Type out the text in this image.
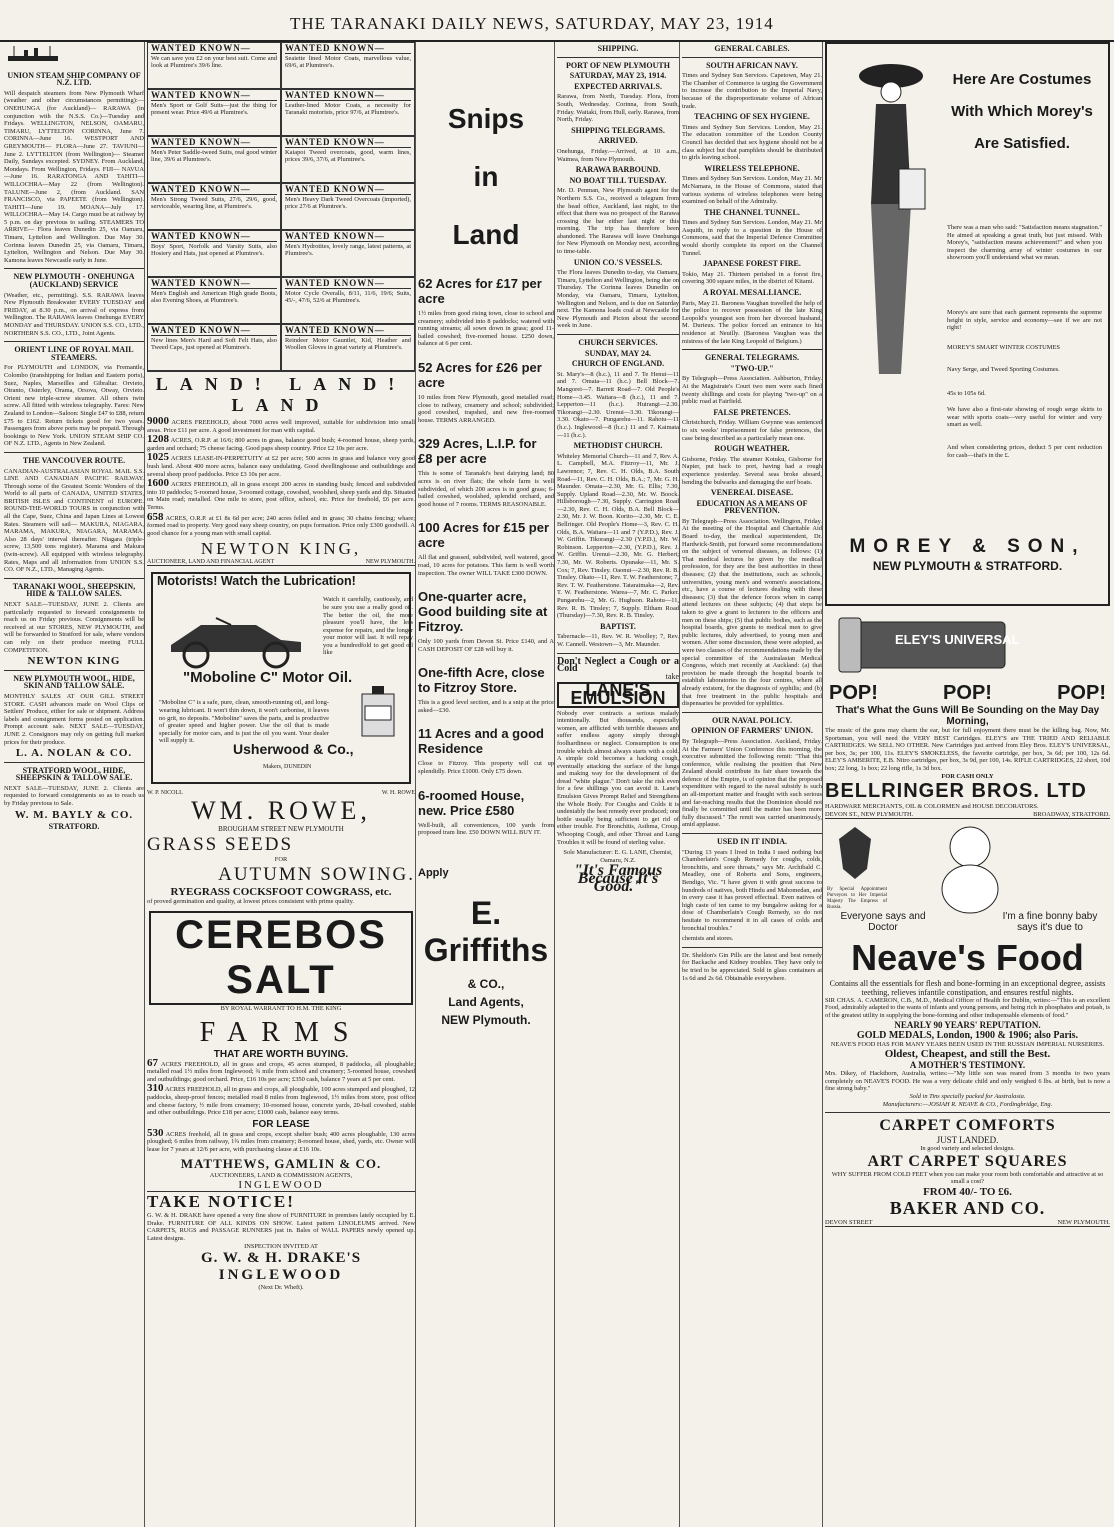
THE TARANAKI DAILY NEWS, SATURDAY, MAY 23, 1914
UNION STEAM SHIP COMPANY OF N.Z. LTD.

Will despatch steamers from New Plymouth Wharf (weather and other circumstances permitting):— ONEHUNGA (for Auckland)— RARAWA (in conjunction with the N.S.S. Co.)—Tuesday and Fridays. WELLINGTON, NELSON, OAMARU, TIMARU, LYTTELTON CORINNA, June 7. CORINNA—June 16. WESTPORT AND GREYMOUTH— FLORA—June 27. TAVIUNI—June 2. LYTTELTON (from Wellington)— Steamer Daily, Sundays excepted. SYDNEY. From Auckland, Mondays. From Wellington, Fridays. FIJI— NAVUA—June 16. RARATONGA AND TAHITI— WILLOCHRA—May 22 (from Wellington). TALUNE—June 2, (from Auckland. SAN FRANCISCO, via PAPEETE (from Wellington). TAHITI—June 19. MOANA—July 17. WILLOCHRA—May 14. Cargo must be at railway by 5 p.m. on day previous to sailing. STEAMERS TO ARRIVE— Flora leaves Dunedin 25, via Oamaru, Timaru, Lyttelton and Wellington. Due May 30. Corinna leaves Dunedin 25, via Oamaru, Timaru, Lyttelton, Wellington and Nelson. Due May 30. Kamona leaves Newcastle early in June.

NEW PLYMOUTH - ONEHUNGA (AUCKLAND) SERVICE

(Weather, etc., permitting). S.S. RARAWA leaves New Plymouth Breakwater EVERY TUESDAY and FRIDAY, at 8.30 p.m., on arrival of express from Wellington. The RARAWA leaves Onehunga EVERY MONDAY and THURSDAY. UNION S.S. CO., LTD., NORTHERN S.S. CO., LTD., Joint Agents.

ORIENT LINE OF ROYAL MAIL STEAMERS.

For PLYMOUTH and LONDON, via Fremantle, Colombo (transhipping for Indian and Eastern ports), Suez, Naples, Marseilles and Gibraltar. Orvieto, Otranto, Osterley, Orama, Orsova, Otway, Orvieto. Orient new triple-screw steamer. All others twin screw. All fitted with wireless telegraphy. Fares: New Zealand to London—Saloon: Single £47 to £88, return £75 to £162. Return tickets good for two years. Passengers from above ports may be prepaid. Through bookings to New York. UNION STEAM SHIP CO. OF N.Z. LTD., Agents in New Zealand.

THE VANCOUVER ROUTE.

CANADIAN-AUSTRALASIAN ROYAL MAIL S.S. LINE AND CANADIAN PACIFIC RAILWAY. Through some of the Greatest Scenic Wonders of the World to all parts of CANADA, UNITED STATES, BRITISH ISLES and CONTINENT of EUROPE. ROUND-THE-WORLD TOURS in conjunction with all the Cape, Suez, China and Japan Lines at Lowest Rates. Steamers will sail— MAKURA, NIAGARA, MARAMA, MAKURA, NIAGARA, MARAMA. Also 28 days' interval thereafter. Niagara (triple-screw, 13,500 tons register). Marama and Makura (twin-screw). All equipped with wireless telegraphy. Rates, Maps and all information from UNION S.S. CO. OF N.Z., LTD., Managing Agents.

TARANAKI WOOL, SHEEPSKIN, HIDE & TALLOW SALES.

NEXT SALE—TUESDAY, JUNE 2. Clients are particularly requested to forward consignments to reach us on Friday previous. Consignments will be received at our STORES, NEW PLYMOUTH, and will be forwarded to Stratford for sale, where vendors can rely on their produce meeting FULL COMPETITION.

NEWTON KING
NEW PLYMOUTH WOOL, HIDE, SKIN AND TALLOW SALE.

MONTHLY SALES AT OUR GILL STREET STORE. CASH advances made on Wool Clips or Settlers' Produce, either for sale or shipment. Address labels and consignment forms posted on application. Prompt account sale. NEXT SALE—TUESDAY, JUNE 2. Consignors may rely on getting full market prices for their produce.

L. A. NOLAN & CO.
STRATFORD WOOL, HIDE, SHEEPSKIN & TALLOW SALE.

NEXT SALE—TUESDAY, JUNE 2. Clients are requested to forward consignments so as to reach us by Friday previous to Sale.

W. M. BAYLY & CO.
STRATFORD.
WANTED KNOWN—
We can save you £2 on your best suit. Come and look at Plumtree's 39/6 line.
WANTED KNOWN—
Seaiette lined Motor Coats, marvellous value, 69/6, at Plumtree's.
WANTED KNOWN—
Men's Sport or Golf Suits—just the thing for present wear. Price 49/6 at Plumtree's.
WANTED KNOWN—
Leather-lined Motor Coats, a necessity for Taranaki motorists, price 97/6, at Plumtree's.
WANTED KNOWN—
Men's Peter Saddle-tweed Suits, real good winter line, 39/6 at Plumtree's.
WANTED KNOWN—
Kaiapoi Tweed overcoats, good, warm lines, prices 39/6, 37/6, at Plumtree's.
WANTED KNOWN—
Men's Strong Tweed Suits, 27/6, 29/6, good, serviceable, wearing line, at Plumtree's.
WANTED KNOWN—
Men's Heavy Dark Tweed Overcoats (imported), price 27/6 at Plumtree's.
WANTED KNOWN—
Boys' Sport, Norfolk and Varsity Suits, also Hosiery and Hats, just opened at Plumtree's.
WANTED KNOWN—
Men's Hydrotites, lovely range, latest patterns, at Plumtree's.
WANTED KNOWN—
Men's English and American High grade Boots, also Evening Shoes, at Plumtree's.
WANTED KNOWN—
Motor Cycle Overalls, 8/11, 11/6, 19/6; Suits, 45/-, 47/6, 52/6 at Plumtree's.
WANTED KNOWN—
New lines Men's Hard and Soft Felt Hats, also Tweed Caps, just opened at Plumtree's.
WANTED KNOWN—
Reindeer Motor Gauntlet, Kid, Heather and Woollen Gloves in great variety at Plumtree's.
LAND! LAND! LAND
9000 ACRES FREEHOLD, about 7000 acres well improved, suitable for subdivision into small areas. Price £11 per acre. A good investment for man with capital.
1208 ACRES, O.R.P. at 16/6; 800 acres in grass, balance good bush; 4-roomed house, sheep yards, garden and orchard; 75 cheese facing. Good paps sheep country. Price £2 10s per acre.
1025 ACRES LEASE-IN-PERPETUITY at £2 per acre; 500 acres in grass and balance very good bush land. About 400 more acres, balance easy undulating. Good dwellinghouse and outbuildings and several sheep proof paddocks. Price £3 10s per acre.
1600 ACRES FREEHOLD, all in grass except 200 acres in standing bush; fenced and subdivided into 10 paddocks; 5-roomed house, 3-roomed cottage, cowshed, woolshed, sheep yards and dip. Situated on Main road; metalled. One mile to store, post office, school, etc. Price for freehold, £6 per acre. Terms.
658 ACRES, O.R.P. at £1 8s 6d per acre; 240 acres felled and in grass; 30 chains fencing; whare; formed road to property. Very good easy sheep country, on pups formation. Price only £300 goodwill. A good chance for a young man with small capital.
NEWTON KING,
AUCTIONEER, LAND AND FINANCIAL AGENT	NEW PLYMOUTH.
Motorists! Watch the Lubrication!
Watch it carefully, cautiously, and be sure you use a really good oil. The better the oil, the more pleasure you'll have, the less expense for repairs, and the longer your motor will last. It will repay you a hundredfold to get good oil like
"Moboline C" Motor Oil.
"Moboline C" is a safe, pure, clean, smooth-running oil, and long-wearing lubricant. It won't thin down, it won't carbonise, it leaves no grit, no deposits. "Moboline" saves the parts, and is productive of greater speed and higher power. Use the oil that is made specially for motor cars, and is just the oil you want. Your dealer will supply it.
Usherwood & Co.,
Makers, DUNEDIN
W. P. NICOLL	W. H. ROWE
WM. ROWE,
BROUGHAM STREET NEW PLYMOUTH
GRASS SEEDS
FOR
AUTUMN SOWING.
RYEGRASS COCKSFOOT COWGRASS, etc.
of proved germination and quality, at lowest prices consistent with prime quality.
CEREBOS SALT
BY ROYAL WARRANT TO H.M. THE KING
FARMS
THAT ARE WORTH BUYING.
67 ACRES FREEHOLD, all in grass and crops, 45 acres stumped, 8 paddocks, all ploughable; metalled road 1½ miles from Inglewood; ¾ mile from school and creamery; 5-roomed house, cowshed and outbuildings; good orchard. Price, £16 10s per acre; £350 cash, balance 7 years at 5 per cent.
310 ACRES FREEHOLD, all in grass and crops, all ploughable, 100 acres stumped and ploughed, 12 paddocks, sheep-proof fences; metalled road 8 miles from Inglewood, 1½ miles from store, post office and cheese factory, ½ mile from creamery; 10-roomed house, concrete yards, 20-bail cowshed, stable and other outbuildings. Price £18 per acre; £1000 cash, balance easy terms.
FOR LEASE
530 ACRES freehold, all in grass and crops, except shelter bush; 400 acres ploughable, 130 acres ploughed; 6 miles from railway, 1¾ miles from creamery; 8-roomed house, shed, yards, etc. Owner will lease for 7 years at 12/6 per acre, with purchasing clause at £16 10s.
MATTHEWS, GAMLIN & CO.
AUCTIONEERS, LAND & COMMISSION AGENTS,
INGLEWOOD
TAKE NOTICE!
G. W. & H. DRAKE have opened a very fine show of FURNITURE in premises lately occupied by E. Drake. FURNITURE OF ALL KINDS ON SHOW. Latest pattern LINOLEUMS arrived. New CARPETS, RUGS and PASSAGE RUNNERS just in. Bales of WALL PAPERS newly opened up. Latest designs.
INSPECTION INVITED AT
G. W. & H. DRAKE'S
INGLEWOOD
(Next Dr. Wheft).
Snips
in
Land
62 Acres for £17 per acre
1½ miles from good rising town, close to school and creamery; subdivided into 8 paddocks; watered with running streams; all sown down in grass; good 11-bailed cowshed; five-roomed house. £250 down, balance at 6 per cent.
52 Acres for £26 per acre
10 miles from New Plymouth, good metalled road; close to railway, creamery and school; subdivided; good cowshed, trapshed, and new five-roomed house. TERMS ARRANGED.
329 Acres, L.I.P. for £8 per acre
This is some of Taranaki's best dairying land; 80 acres is on river flats; the whole farm is well subdivided, of which 200 acres is in good grass; 6-bailed cowshed, woolshed, splendid orchard, and good house of 7 rooms. TERMS REASONABLE.
100 Acres for £15 per acre
All flat and grassed, subdivided, well watered, good road, 10 acres for potatoes. This farm is well worth inspection. The owner WILL TAKE £300 DOWN.
One-quarter acre, Good building site at Fitzroy.
Only 100 yards from Devon St. Price £140, and A CASH DEPOSIT OF £28 will buy it.
One-fifth Acre, close to Fitzroy Store.
This is a good level section, and is a snip at the price asked—£30.
11 Acres and a good Residence
Close to Fitzroy. This property will cut up splendidly. Price £1000. Only £75 down.
6-roomed House, new. Price £580
Well-built, all conveniences, 100 yards from proposed tram line. £50 DOWN WILL BUY IT.
Apply
E. Griffiths
& CO.,
Land Agents,
NEW Plymouth.
SHIPPING.
PORT OF NEW PLYMOUTH
SATURDAY, MAY 23, 1914.
EXPECTED ARRIVALS.

Rarawa, from North, Tuesday. Flora, from South, Wednesday. Corinna, from South, Friday. Waitaki, from Hull, early. Rarawa, from North, Friday.

SHIPPING TELEGRAMS.
ARRIVED.

Onehunga, Friday.—Arrived, at 10 a.m., Waimea, from New Plymouth.

RARAWA BARBOUND.
NO BOAT TILL TUESDAY.

Mr. D. Penman, New Plymouth agent for the Northern S.S. Co., received a telegram from the head office, Auckland, last night, to the effect that there was no prospect of the Rarawa crossing the bar either last night or this morning. The trip has therefore been abandoned. The Rarawa will leave Onehunga for New Plymouth on Monday next, according to time-table.

UNION CO.'S VESSELS.

The Flora leaves Dunedin to-day, via Oamaru, Timaru, Lyttelton and Wellington, being due on Thursday. The Corinna leaves Dunedin on Monday, via Oamaru, Timaru, Lyttelton, Wellington and Nelson, and is due on Saturday next. The Kamona loads coal at Newcastle for New Plymouth and Picton about the second week in June.

CHURCH SERVICES.
SUNDAY, MAY 24.
CHURCH OF ENGLAND.

St. Mary's—8 (h.c.), 11 and 7. Te Henui—11 and 7. Omata—11 (h.c.) Bell Block—7. Mangorei—7. Barrett Road—7. Old People's Home—3.45. Waitara—8 (h.c.), 11 and 7. Lepperton—11 (h.c.). Huirangi—2.30. Tikorangi—2.30. Urenui—3.30. Tikorangi—3.30. Okato—7. Pungarehu—11. Rahotu—11 (h.c.). Inglewood—8 (h.c.) 11 and 7. Kaimata—11 (h.c.).

METHODIST CHURCH.

Whiteley Memorial Church—11 and 7, Rev. A. L. Campbell, M.A. Fitzroy—11, Mr. J. Lawrence; 7, Rev. C. H. Olds, B.A. South Road—11, Rev. C. H. Olds, B.A.; 7, Mr. G. H. Maunder. Omata—2.30, Mr. G. Ellis; 7.30, Supply. Upland Road—2.30, Mr. W. Boock. Hillsborough—7.30, Supply. Carrington Road—2.30, Rev. C. H. Olds, B.A. Bell Block—2.30, Mr. J. W. Boon. Korito—2.30, Mr. C. E. Bellringer. Old People's Home—3, Rev. C. H. Olds, B.A. Waitara—11 and 7 (Y.P.D.), Rev. J. W. Griffin. Tikorangi—2.30 (Y.P.D.), Mr. W. Robinson. Lepperton—2.30, (Y.P.D.), Rev. J. W. Griffin. Urenui—2.30, Mr. G. Herbert; 7.30, Mr. W. Roberts. Opunake—11, Mr. S. Cox; 7, Rev. Tinsley. Oaonui—2.30, Rev. R. B. Tinsley. Okato—11, Rev. T. W. Featherstone; 7, Rev. T. W. Featherstone. Tataraimaka—2, Rev. T. W. Featherstone. Warea—7, Mr. C. Parker. Pungarehu—2, Mr. G. Hughson. Rahotu—11, Rev. R. B. Tinsley; 7, Supply. Eltham Road (Thursday)—7.30, Rev. R. B. Tinsley.

BAPTIST.

Tabernacle—11, Rev. W. R. Woolley; 7, Rev. W. Cannell. Westown—3, Mr. Maunder.

Don't Neglect a Cough or a Cold
take
LANE'S EMULSION

Nobody ever contracts a serious malady intentionally. But thousands, especially women, are afflicted with terrible diseases and suffer endless agony simply through foolhardiness or neglect. Consumption is one trouble which almost always starts with a cold. A simple cold becomes a hacking cough, eventually attacking the surface of the lungs and making way for the development of the dread "white plague." Don't take the risk even for a few shillings you can avoid it. Lane's Emulsion Gives Prompt Relief and Strengthens the Whole Body. For Coughs and Colds it is undeniably the best remedy ever produced; one bottle usually being sufficient to get rid of either trouble. For Bronchitis, Asthma, Croup, Whooping Cough, and other Throat and Lung Troubles it will be found of sterling value.

Sole Manufacturer: E. G. LANE, Chemist, Oamaru, N.Z.

"It's Famous Because It's Good."
GENERAL CABLES.
SOUTH AFRICAN NAVY.

Times and Sydney Sun Services. Capetown, May 21. The Chamber of Commerce is urging the Government to increase the contribution to the Imperial Navy, because of the disproportionate volume of African trade.

TEACHING OF SEX HYGIENE.

Times and Sydney Sun Services. London, May 21. The education committee of the London County Council has decided that sex hygiene should not be a class subject but that pamphlets should be distributed to girls leaving school.

WIRELESS TELEPHONE.

Times and Sydney Sun Services. London, May 21. Mr McNamara, in the House of Commons, stated that various systems of wireless telephones were being examined on behalf of the Admiralty.

THE CHANNEL TUNNEL.

Times and Sydney Sun Services. London, May 21. Mr Asquith, in reply to a question in the House of Commons, said that the Imperial Defence Committee would shortly complete its report on the Channel Tunnel.

JAPANESE FOREST FIRE.

Tokio, May 21. Thirteen perished in a forest fire, covering 300 square miles, in the district of Kitami.

A ROYAL MESALLIANCE.

Paris, May 21. Baroness Vaughan travelled the help of the police to recover possession of the late King Leopold's youngest son from her divorced husband, M. Durieux. The police forced an entrance to his residence at Neuilly. (Baroness Vaughan was the mistress of the late King Leopold of Belgium.)

GENERAL TELEGRAMS.
"TWO-UP."

By Telegraph—Press Association. Ashburton, Friday. At the Magistrate's Court two men were each fined twenty shillings and costs for playing "two-up" on a public road at Fairfield.

FALSE PRETENCES.

Christchurch, Friday. William Gwynne was sentenced to six weeks' imprisonment for false pretences, the case being described as a particularly mean one.

ROUGH WEATHER.

Gisborne, Friday. The steamer Kotuku, Gisborne for Napier, put back to port, having had a rough experience yesterday. Several seas broke aboard, bending the bulwarks and damaging the surf boats.

VENEREAL DISEASE.
EDUCATION AS A MEANS OF PREVENTION.

By Telegraph—Press Association. Wellington, Friday. At the meeting of the Hospital and Charitable Aid Board to-day, the medical superintendent, Dr. Hardwick-Smith, put forward some recommendations on the subject of venereal diseases, as follows: (1) That medical lectures be given by the medical profession, for they are the best authorities in these diseases; (2) that the institutions, such as schools, universities, young men's and women's associations, etc., have a course of lectures dealing with these diseases; (3) that the defence forces when in camp attend lectures on these subjects; (4) that steps be taken to give a grant to lecturers to the officers and men on these ships; (5) that public bodies, such as the hospital boards, give grants to medical men to give public lectures, duly advertised, to young men and women. After some discussion, these were adopted, as were two clauses of the recommendations made by the special committee of the Australasian Medical Congress, which met recently at Auckland: (a) that provision be made through the hospital boards to establish laboratories in the four centres, where all already existent, for the diagnosis of syphilis; and (b) that free treatment in the public hospitals and dispensaries be provided for syphilitics.

OUR NAVAL POLICY.
OPINION OF FARMERS' UNION.

By Telegraph—Press Association. Auckland, Friday. At the Farmers' Union Conference this morning, the executive submitted the following remit: "That this conference, while realising the position that New Zealand should contribute its fair share towards the defence of the Empire, is of opinion that the proposed expenditure with regard to the naval subsidy is such an all-important matter and fraught with such serious and far-reaching results that the Dominion should not finally be committed until the matter has been more fully discussed." The remit was carried unanimously, amid applause.

USED IN IT INDIA.

"During 13 years I lived in India I used nothing but Chamberlain's Cough Remedy for coughs, colds, bronchitis, and sore throats," says Mr. Archibald C. Meadley, one of Roberts and Sons, engineers, Bendigo, Vic. "I have given it with great success to hundreds of natives, both Hindu and Mahomedan, and in every case it has proved effectual. Even natives of high caste of ten came to my bungalow asking for a dose of Chamberlain's Cough Remedy, so do not hesitate to recommend it in all cases of colds and bronchial troubles."

chemists and stores.

Dr. Sheldon's Gin Pills are the latest and best remedy for Backache and Kidney troubles. They have only to be tried to be appreciated. Sold in glass containers at 1s 6d and 2s 6d. Obtainable everywhere.

Here Are Costumes
With Which Morey's
Are Satisfied.
There was a man who said: "Satisfaction means stagnation." He aimed at speaking a great truth, but just missed. With Morey's, "satisfaction means achievement!" and when you inspect the charming array of winter costumes in our showroom you'll understand what we mean.
Morey's are sure that each garment represents the supreme height in style, service and economy—see if we are not right!
MOREY'S SMART WINTER COSTUMES
Navy Serge, and Tweed Sporting Costumes.
45s to 105s 6d.
We have also a first-rate showing of rough serge skirts to wear with sports coats—very useful for winter and very smart as well.
And when considering prices, deduct 5 per cent reduction for cash—that's in the £.
MOREY & SON,
NEW PLYMOUTH & STRATFORD.
ELEY'S UNIVERSAL
POP!	POP!	POP!
That's What the Guns Will Be Sounding on the May Day Morning,
The music of the guns may charm the ear, but for full enjoyment there must be the killing bag. Now, Mr. Sportsman, you will need the VERY BEST Cartridges. ELEY'S are THE TRIED AND RELIABLE CARTRIDGES. We SELL NO OTHER. New Cartridges just arrived from Eley Bros. ELEY'S UNIVERSAL, per box, 3s; per 100, 11s. ELEY'S SMOKELESS, the favorite cartridge, per box, 3s 6d; per 100, 12s 6d. ELEY'S AMBERITE, E.B. Nitro cartridges, per box, 3s 9d, per 100, 14s. RIFLE CARTRIDGES, 22 short, 10d box; 22 long, 1s box; 22 long rifle, 1s 3d box.
FOR CASH ONLY
BELLRINGER BROS. LTD
HARDWARE MERCHANTS, OIL & COLORMEN and HOUSE DECORATORS.
DEVON ST., NEW PLYMOUTH.	BROADWAY, STRATFORD.
By Special Appointment Purveyors to Her Imperial Majesty The Empress of Russia.
Everyone says and Doctor
I'm a fine bonny baby says it's due to
Neave's Food
Contains all the essentials for flesh and bone-forming in an exceptional degree, assists teething, relieves infantile constipation, and ensures restful nights.
SIR CHAS. A. CAMERON, C.B., M.D., Medical Officer of Health for Dublin, writes:—"This is an excellent Food, admirably adapted to the wants of infants and young persons, and being rich in phosphates and potash, is of the greatest utility in supplying the bone-forming and other indispensable elements of food."
NEARLY 90 YEARS' REPUTATION.
GOLD MEDALS, London, 1900 & 1906; also Paris.
NEAVE'S FOOD HAS FOR MANY YEARS BEEN USED IN THE RUSSIAN IMPERIAL NURSERIES.
Oldest, Cheapest, and still the Best.
A MOTHER'S TESTIMONY.
Mrs. Dikey, of Hackthorn, Australia, writes:—"My little son was reared from 3 months to two years completely on NEAVE'S FOOD. He was a very delicate child and only weighed 6 lbs. at birth, but is now a fine strong baby."
Sold in Tins specially packed for Australasia.
Manufacturers:—JOSIAH R. NEAVE & CO., Fordingbridge, Eng.
CARPET COMFORTS
JUST LANDED.
In good variety and selected designs.
ART CARPET SQUARES
WHY SUFFER FROM COLD FEET when you can make your room both comfortable and attractive at so small a cost?
FROM 40/- TO £6.
BAKER AND CO.
DEVON STREET	NEW PLYMOUTH.
